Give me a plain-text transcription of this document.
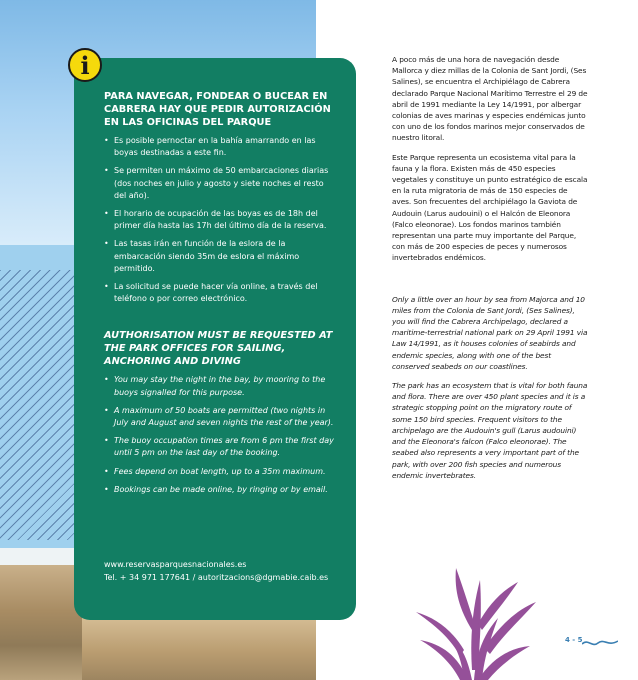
PARA NAVEGAR, FONDEAR O BUCEAR EN CABRERA HAY QUE PEDIR AUTORIZACIÓN EN LAS OFICINAS DEL PARQUE
• Es posible pernoctar en la bahía amarrando en las boyas destinadas a este fin.
• Se permiten un máximo de 50 embarcaciones diarias (dos noches en julio y agosto y siete noches el resto del año).
• El horario de ocupación de las boyas es de 18h del primer día hasta las 17h del último día de la reserva.
• Las tasas irán en función de la eslora de la embarcación siendo 35m de eslora el máximo permitido.
• La solicitud se puede hacer vía online, a través del teléfono o por correo electrónico.
AUTHORISATION MUST BE REQUESTED AT THE PARK OFFICES FOR SAILING, ANCHORING AND DIVING
• You may stay the night in the bay, by mooring to the buoys signalled for this purpose.
• A maximum of 50 boats are permitted (two nights in July and August and seven nights the rest of the year).
• The buoy occupation times are from 6 pm the first day until 5 pm on the last day of the booking.
• Fees depend on boat length, up to a 35m maximum.
• Bookings can be made online, by ringing or by email.
www.reservasparquesnacionales.es
Tel. + 34 971 177641 / autoritzacions@dgmabie.caib.es
i	A poco más de una hora de navegación desde Mallorca y diez millas de la Colonia de Sant Jordi, (Ses Salines), se encuentra el Archipiélago de Cabrera declarado Parque Nacional Marítimo Terrestre el 29 de abril de 1991 mediante la Ley 14/1991, por albergar colonias de aves marinas y especies endémicas junto con uno de los fondos marinos mejor conservados de nuestro litoral.

Este Parque representa un ecosistema vital para la fauna y la flora. Existen más de 450 especies vegetales y constituye un punto estratégico de escala en la ruta migratoria de más de 150 especies de aves. Son frecuentes del archipiélago la Gaviota de Audouin (Larus audouini) o el Halcón de Eleonora (Falco eleonorae). Los fondos marinos también representan una parte muy importante del Parque, con más de 200 especies de peces y numerosos invertebrados endémicos.

Only a little over an hour by sea from Majorca and 10 miles from the Colonia de Sant Jordi, (Ses Salines), you will find the Cabrera Archipelago, declared a maritime-terrestrial national park on 29 April 1991 via Law 14/1991, as it houses colonies of seabirds and endemic species, along with one of the best conserved seabeds on our coastlines.

The park has an ecosystem that is vital for both fauna and flora. There are over 450 plant species and it is a strategic stopping point on the migratory route of some 150 bird species. Frequent visitors to the archipelago are the Audouin's gull (Larus audouini) and the Eleonora's falcon (Falco eleonorae). The seabed also represents a very important part of the park, with over 200 fish species and numerous endemic invertebrates.

4 - 5
